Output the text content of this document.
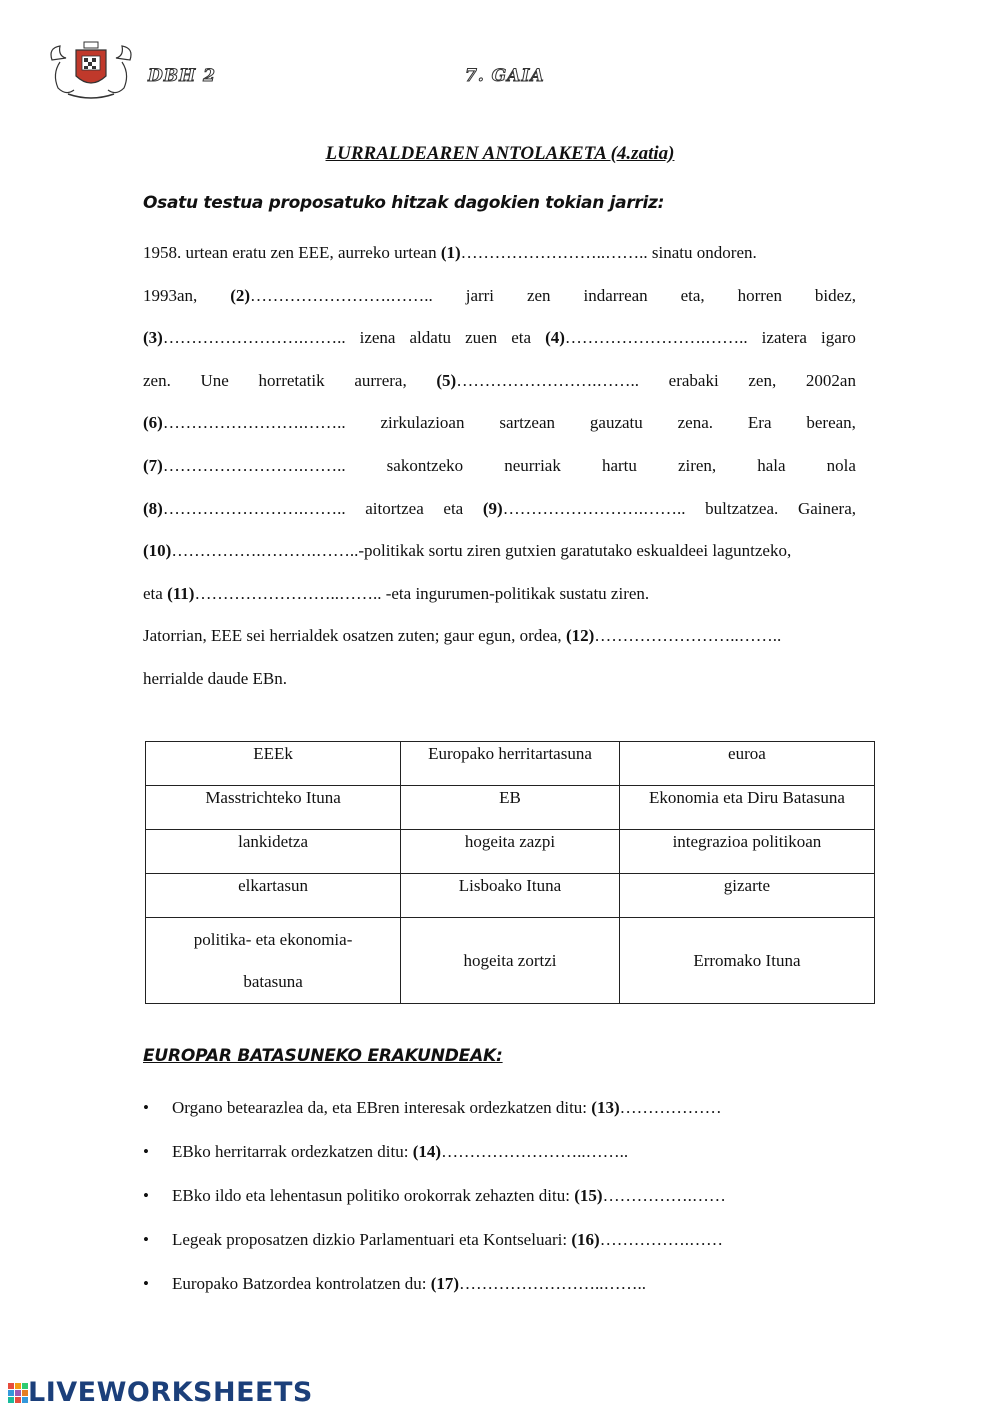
DBH 2	7. GAIA
LURRALDEAREN ANTOLAKETA (4.zatia)
Osatu testua proposatuko hitzak dagokien tokian jarriz:
1958. urtean eratu zen EEE, aurreko urtean (1)……………………..…….. sinatu ondoren.
1993an, (2)…………………….…….. jarri zen indarrean eta, horren bidez,
(3)…………………….…….. izena aldatu zuen eta (4)…………………….…….. izatera igaro
zen. Une horretatik aurrera, (5)…………………….…….. erabaki zen, 2002an
(6)…………………….…….. zirkulazioan sartzean gauzatu zena. Era berean,
(7)…………………….…….. sakontzeko neurriak hartu ziren, hala nola
(8)…………………….…….. aitortzea eta (9)…………………….…….. bultzatzea. Gainera,
(10)…………….……….……..-politikak sortu ziren gutxien garatutako eskualdeei laguntzeko,
eta (11)……………………..…….. -eta ingurumen-politikak sustatu ziren.
Jatorrian, EEE sei herrialdek osatzen zuten; gaur egun, ordea, (12)……………………..……..
herrialde daude EBn.
EEEk	Europako herritartasuna	euroa
Masstrichteko Ituna	EB	Ekonomia eta Diru Batasuna
lankidetza	hogeita zazpi	integrazioa politikoan
elkartasun	Lisboako Ituna	gizarte

politika- eta ekonomia-
batasuna	hogeita zortzi	Erromako Ituna
EUROPAR BATASUNEKO ERAKUNDEAK:
• Organo betearazlea da, eta EBren interesak ordezkatzen ditu: (13)………………
• EBko herritarrak ordezkatzen ditu: (14)……………………..……..
• EBko ildo eta lehentasun politiko orokorrak zehazten ditu: (15)…………….……
• Legeak proposatzen dizkio Parlamentuari eta Kontseluari: (16)…………….……
• Europako Batzordea kontrolatzen du: (17)……………………..……..
LIVEWORKSHEETS
